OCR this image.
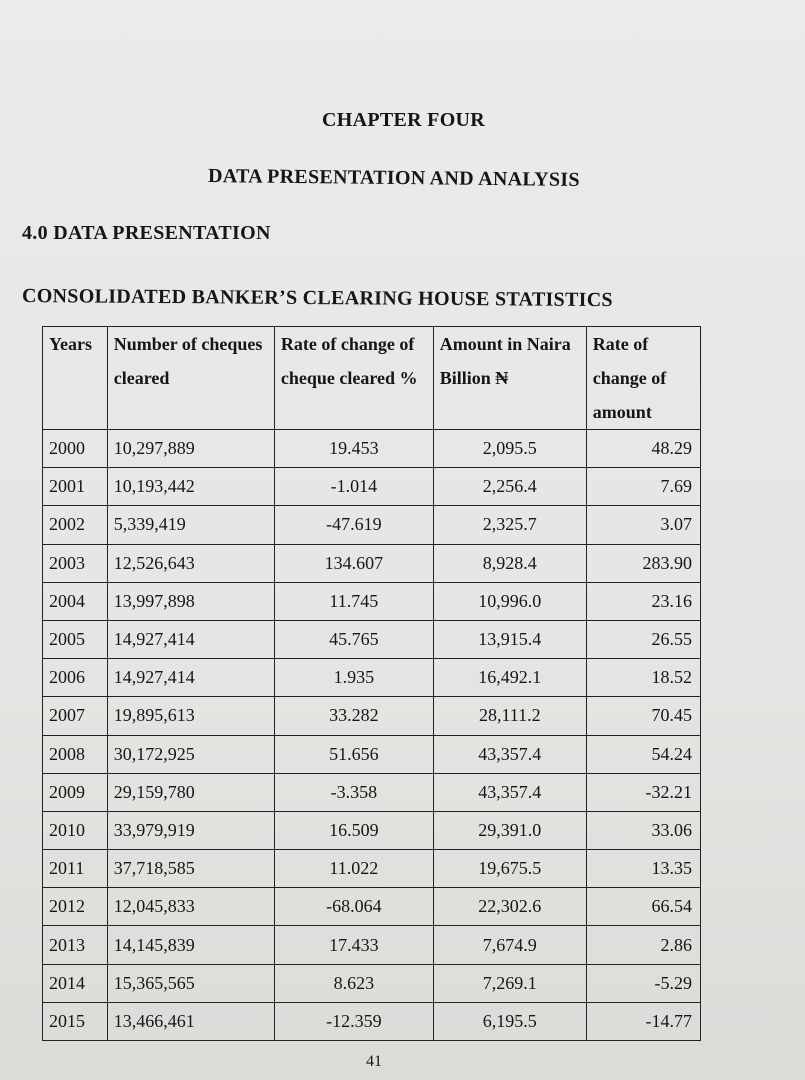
CHAPTER FOUR
DATA PRESENTATION AND ANALYSIS
4.0 DATA PRESENTATION
CONSOLIDATED BANKER’S CLEARING HOUSE STATISTICS
Years	Number of cheques cleared	Rate of change of cheque cleared %	Amount in Naira Billion ₦	Rate of change of amount
2000	10,297,889	19.453	2,095.5	48.29
2001	10,193,442	-1.014	2,256.4	7.69
2002	5,339,419	-47.619	2,325.7	3.07
2003	12,526,643	134.607	8,928.4	283.90
2004	13,997,898	11.745	10,996.0	23.16
2005	14,927,414	45.765	13,915.4	26.55
2006	14,927,414	1.935	16,492.1	18.52
2007	19,895,613	33.282	28,111.2	70.45
2008	30,172,925	51.656	43,357.4	54.24
2009	29,159,780	-3.358	43,357.4	-32.21
2010	33,979,919	16.509	29,391.0	33.06
2011	37,718,585	11.022	19,675.5	13.35
2012	12,045,833	-68.064	22,302.6	66.54
2013	14,145,839	17.433	7,674.9	2.86
2014	15,365,565	8.623	7,269.1	-5.29
2015	13,466,461	-12.359	6,195.5	-14.77
41
